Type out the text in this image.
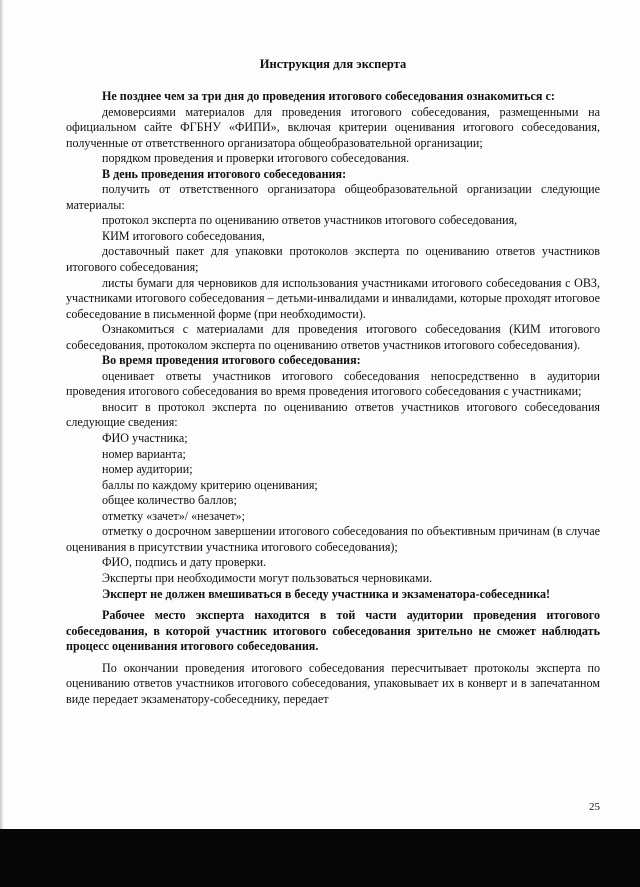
Инструкция для эксперта

Не позднее чем за три дня до проведения итогового собеседования ознакомиться с:

демоверсиями материалов для проведения итогового собеседования, размещенными на официальном сайте ФГБНУ «ФИПИ», включая критерии оценивания итогового собеседования, полученные от ответственного организатора общеобразовательной организации;

порядком проведения и проверки итогового собеседования.

В день проведения итогового собеседования:

получить от ответственного организатора общеобразовательной организации следующие материалы:

протокол эксперта по оцениванию ответов участников итогового собеседования,

КИМ итогового собеседования,

доставочный пакет для упаковки протоколов эксперта по оцениванию ответов участников итогового собеседования;

листы бумаги для черновиков для использования участниками итогового собеседования с ОВЗ, участниками итогового собеседования – детьми-инвалидами и инвалидами, которые проходят итоговое собеседование в письменной форме (при необходимости).

Ознакомиться с материалами для проведения итогового собеседования (КИМ итогового собеседования, протоколом эксперта по оцениванию ответов участников итогового собеседования).

Во время проведения итогового собеседования:

оценивает ответы участников итогового собеседования непосредственно в аудитории проведения итогового собеседования во время проведения итогового собеседования с участниками;

вносит в протокол эксперта по оцениванию ответов участников итогового собеседования следующие сведения:

ФИО участника;

номер варианта;

номер аудитории;

баллы по каждому критерию оценивания;

общее количество баллов;

отметку «зачет»/ «незачет»;

отметку о досрочном завершении итогового собеседования по объективным причинам (в случае оценивания в присутствии участника итогового собеседования);

ФИО, подпись и дату проверки.

Эксперты при необходимости могут пользоваться черновиками.

Эксперт не должен вмешиваться в беседу участника и экзаменатора-собеседника!

Рабочее место эксперта находится в той части аудитории проведения итогового собеседования, в которой участник итогового собеседования зрительно не сможет наблюдать процесс оценивания итогового собеседования.

По окончании проведения итогового собеседования пересчитывает протоколы эксперта по оцениванию ответов участников итогового собеседования, упаковывает их в конверт и в запечатанном виде передает экзаменатору-собеседнику, передает

25
